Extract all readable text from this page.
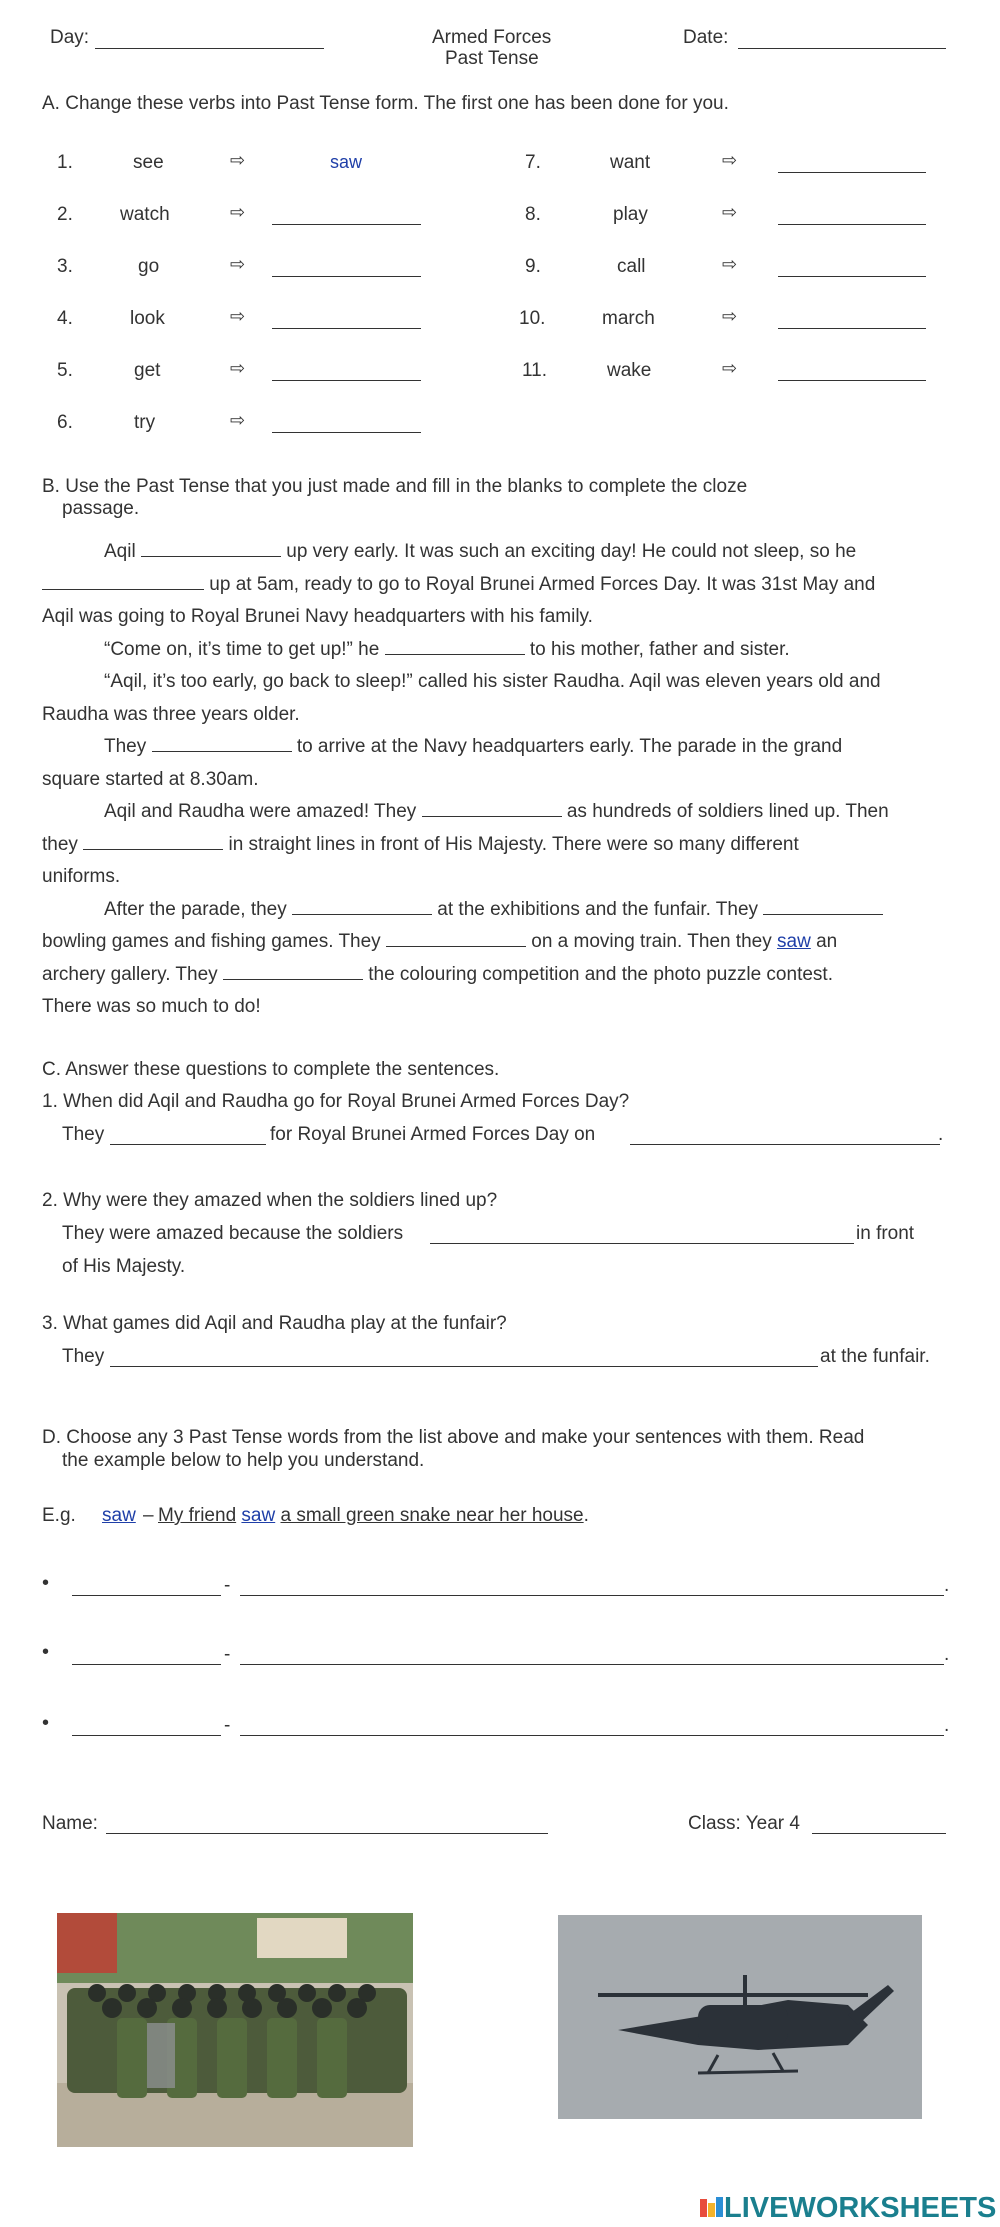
Day:	Armed Forces
Past Tense
Date:
A. Change these verbs into Past Tense form. The first one has been done for you.
1.	see	⇨	saw
2. watch	⇨
3.	go	⇨
4.	look	⇨
5.	get	⇨
6.	try	⇨
7.	want	⇨
8.	play	⇨
9.	call	⇨
10.	march	⇨
11.	wake	⇨
B. Use the Past Tense that you just made and fill in the blanks to complete the cloze
passage.
Aqil	up very early. It was such an exciting day! He could not sleep, so he
up at 5am, ready to go to Royal Brunei Armed Forces Day. It was 31st May and
Aqil was going to Royal Brunei Navy headquarters with his family.
“Come on, it’s time to get up!” he	to his mother, father and sister.
“Aqil, it’s too early, go back to sleep!” called his sister Raudha. Aqil was eleven years old and
Raudha was three years older.
They	to arrive at the Navy headquarters early. The parade in the grand
square started at 8.30am.
Aqil and Raudha were amazed! They	as hundreds of soldiers lined up. Then
they	in straight lines in front of His Majesty. There were so many different
uniforms.
After the parade, they	at the exhibitions and the funfair. They
bowling games and fishing games. They	on a moving train. Then they saw an
archery gallery. They	the colouring competition and the photo puzzle contest.
There was so much to do!
C. Answer these questions to complete the sentences.
1. When did Aqil and Raudha go for Royal Brunei Armed Forces Day?
They	for Royal Brunei Armed Forces Day on	.
2. Why were they amazed when the soldiers lined up?
They were amazed because the soldiers	in front
of His Majesty.
3. What games did Aqil and Raudha play at the funfair?
They	at the funfair.
D. Choose any 3 Past Tense words from the list above and make your sentences with them. Read
the example below to help you understand.
E.g. saw – My friend saw a small green snake near her house.
•	-	.
•	-	.
•	-	.
Name:	Class: Year 4
LIVEWORKSHEETS
